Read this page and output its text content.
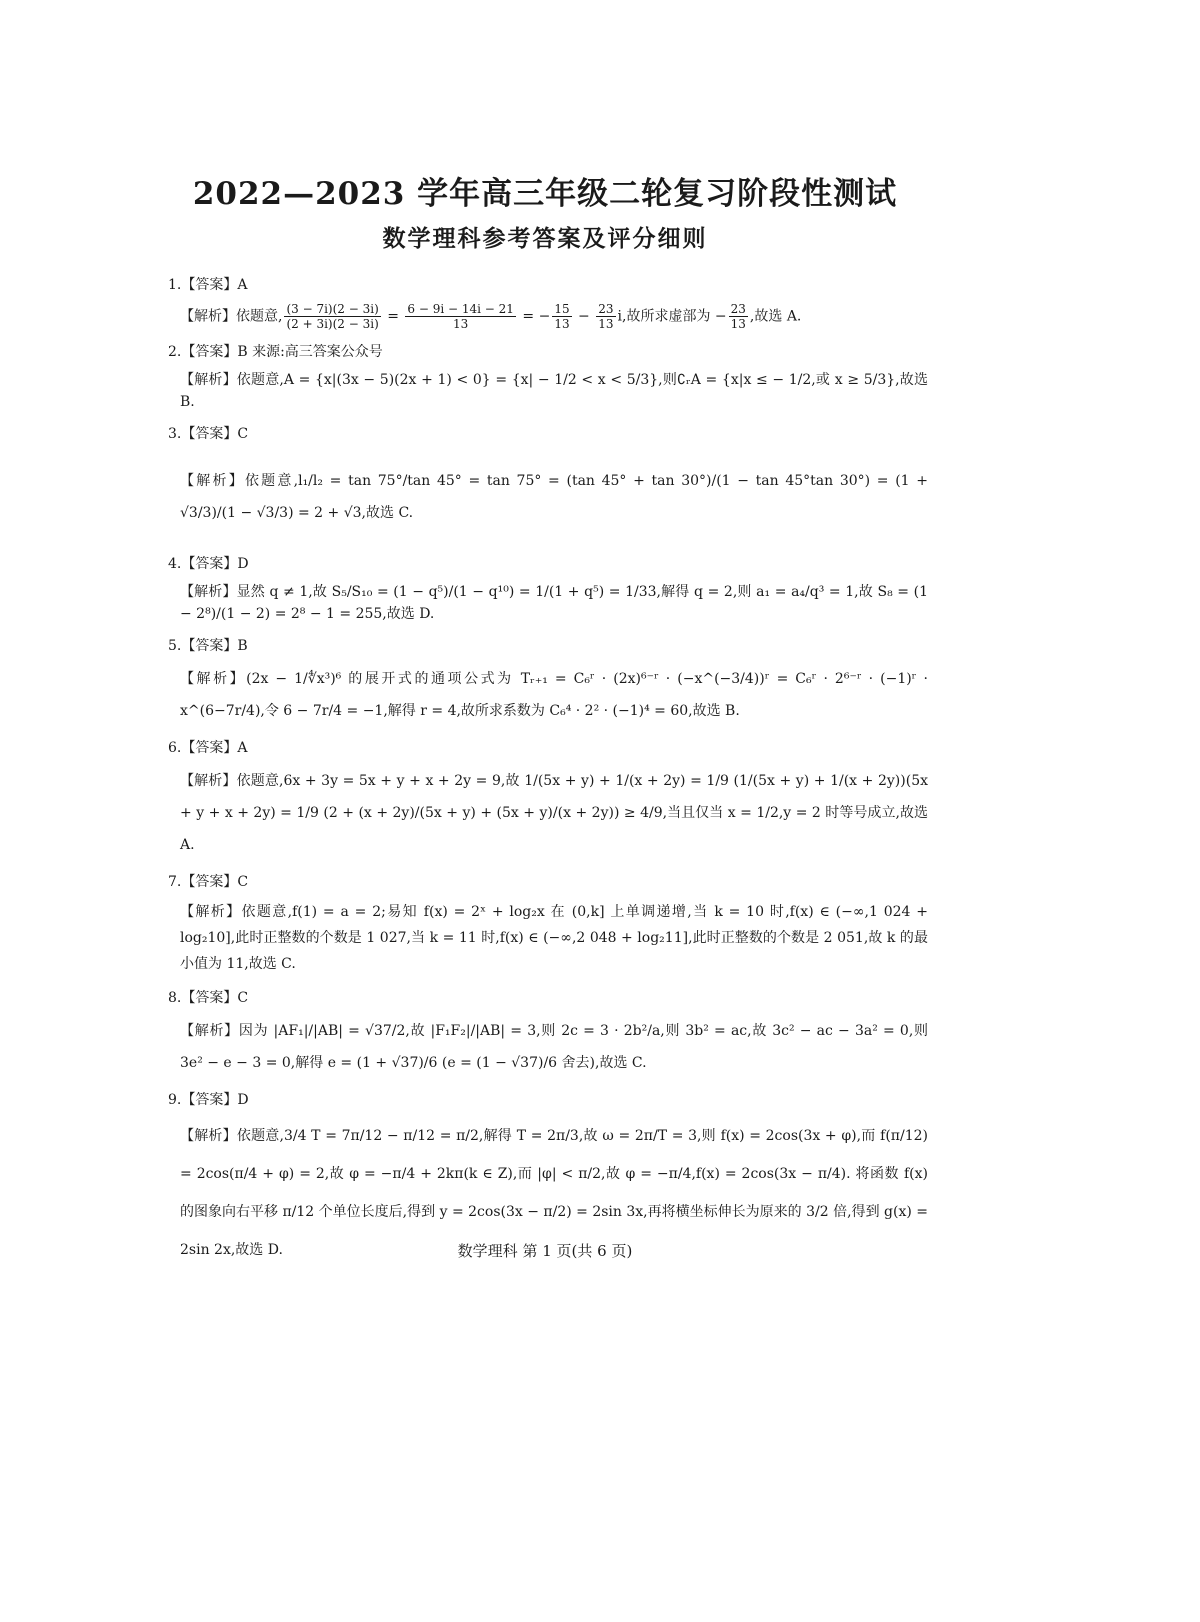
2022—2023 学年高三年级二轮复习阶段性测试
数学理科参考答案及评分细则
1.【答案】A
【解析】依题意, $\frac{(3 - 7i)(2 - 3i)}{(2 + 3i)(2 - 3i)} = \frac{6 - 9i - 14i - 21}{13}$ = − $\frac{15}{13} - \frac{23}{13} i$,故所求虚部为 − $\frac{23}{13}$ ,故选 A.
2.【答案】B 来源:高三答案公众号
【解析】依题意,A = {x|(3x − 5)(2x + 1) < 0} = {x| − 1/2 < x < 5/3},则∁ᵣA = {x|x ≤ − 1/2,或 x ≥ 5/3},故选 B.
3.【答案】C
【解析】依题意,l₁/l₂ = tan 75°/tan 45° = tan 75° = (tan 45° + tan 30°)/(1 − tan 45°tan 30°) = (1 + √3/3)/(1 − √3/3) = 2 + √3,故选 C.
4.【答案】D
【解析】显然 q ≠ 1,故 S₅/S₁₀ = (1 − q⁵)/(1 − q¹⁰) = 1/(1 + q⁵) = 1/33,解得 q = 2,则 a₁ = a₄/q³ = 1,故 S₈ = (1 − 2⁸)/(1 − 2) = 2⁸ − 1 = 255,故选 D.
5.【答案】B
【解析】(2x − 1/∜x³)⁶ 的展开式的通项公式为 Tᵣ₊₁ = C₆ʳ · (2x)⁶⁻ʳ · (−x^(−3/4))ʳ = C₆ʳ · 2⁶⁻ʳ · (−1)ʳ · x^(6−7r/4),令 6 − 7r/4 = −1,解得 r = 4,故所求系数为 C₆⁴ · 2² · (−1)⁴ = 60,故选 B.
6.【答案】A
【解析】依题意,6x + 3y = 5x + y + x + 2y = 9,故 1/(5x + y) + 1/(x + 2y) = 1/9 (1/(5x + y) + 1/(x + 2y))(5x + y + x + 2y) = 1/9 (2 + (x + 2y)/(5x + y) + (5x + y)/(x + 2y)) ≥ 4/9,当且仅当 x = 1/2,y = 2 时等号成立,故选 A.
7.【答案】C
【解析】依题意,f(1) = a = 2;易知 f(x) = 2ˣ + log₂x 在 (0,k] 上单调递增,当 k = 10 时,f(x) ∈ (−∞,1 024 + log₂10],此时正整数的个数是 1 027,当 k = 11 时,f(x) ∈ (−∞,2 048 + log₂11],此时正整数的个数是 2 051,故 k 的最小值为 11,故选 C.
8.【答案】C
【解析】因为 |AF₁|/|AB| = √37/2,故 |F₁F₂|/|AB| = 3,则 2c = 3 · 2b²/a,则 3b² = ac,故 3c² − ac − 3a² = 0,则 3e² − e − 3 = 0,解得 e = (1 + √37)/6 (e = (1 − √37)/6 舍去),故选 C.
9.【答案】D
【解析】依题意,3/4 T = 7π/12 − π/12 = π/2,解得 T = 2π/3,故 ω = 2π/T = 3,则 f(x) = 2cos(3x + φ),而 f(π/12) = 2cos(π/4 + φ) = 2,故 φ = −π/4 + 2kπ(k ∈ Z),而 |φ| < π/2,故 φ = −π/4,f(x) = 2cos(3x − π/4). 将函数 f(x) 的图象向右平移 π/12 个单位长度后,得到 y = 2cos(3x − π/2) = 2sin 3x,再将横坐标伸长为原来的 3/2 倍,得到 g(x) = 2sin 2x,故选 D.	数学理科 第 1 页(共 6 页)
